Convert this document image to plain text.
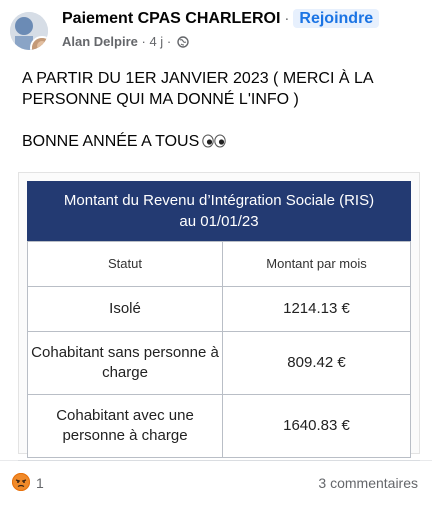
Paiement CPAS CHARLEROI · Rejoindre
Alan Delpire · 4 j ·

A PARTIR DU 1ER JANVIER 2023 ( MERCI À LA PERSONNE QUI MA DONNÉ L'INFO )

BONNE ANNÉE A TOUS

Montant du Revenu d’Intégration Sociale (RIS)
au 01/01/23
Statut	Montant par mois
Isolé	1214.13 €
Cohabitant sans personne à charge	809.42 €
Cohabitant avec une personne à charge	1640.83 €
1	3 commentaires
